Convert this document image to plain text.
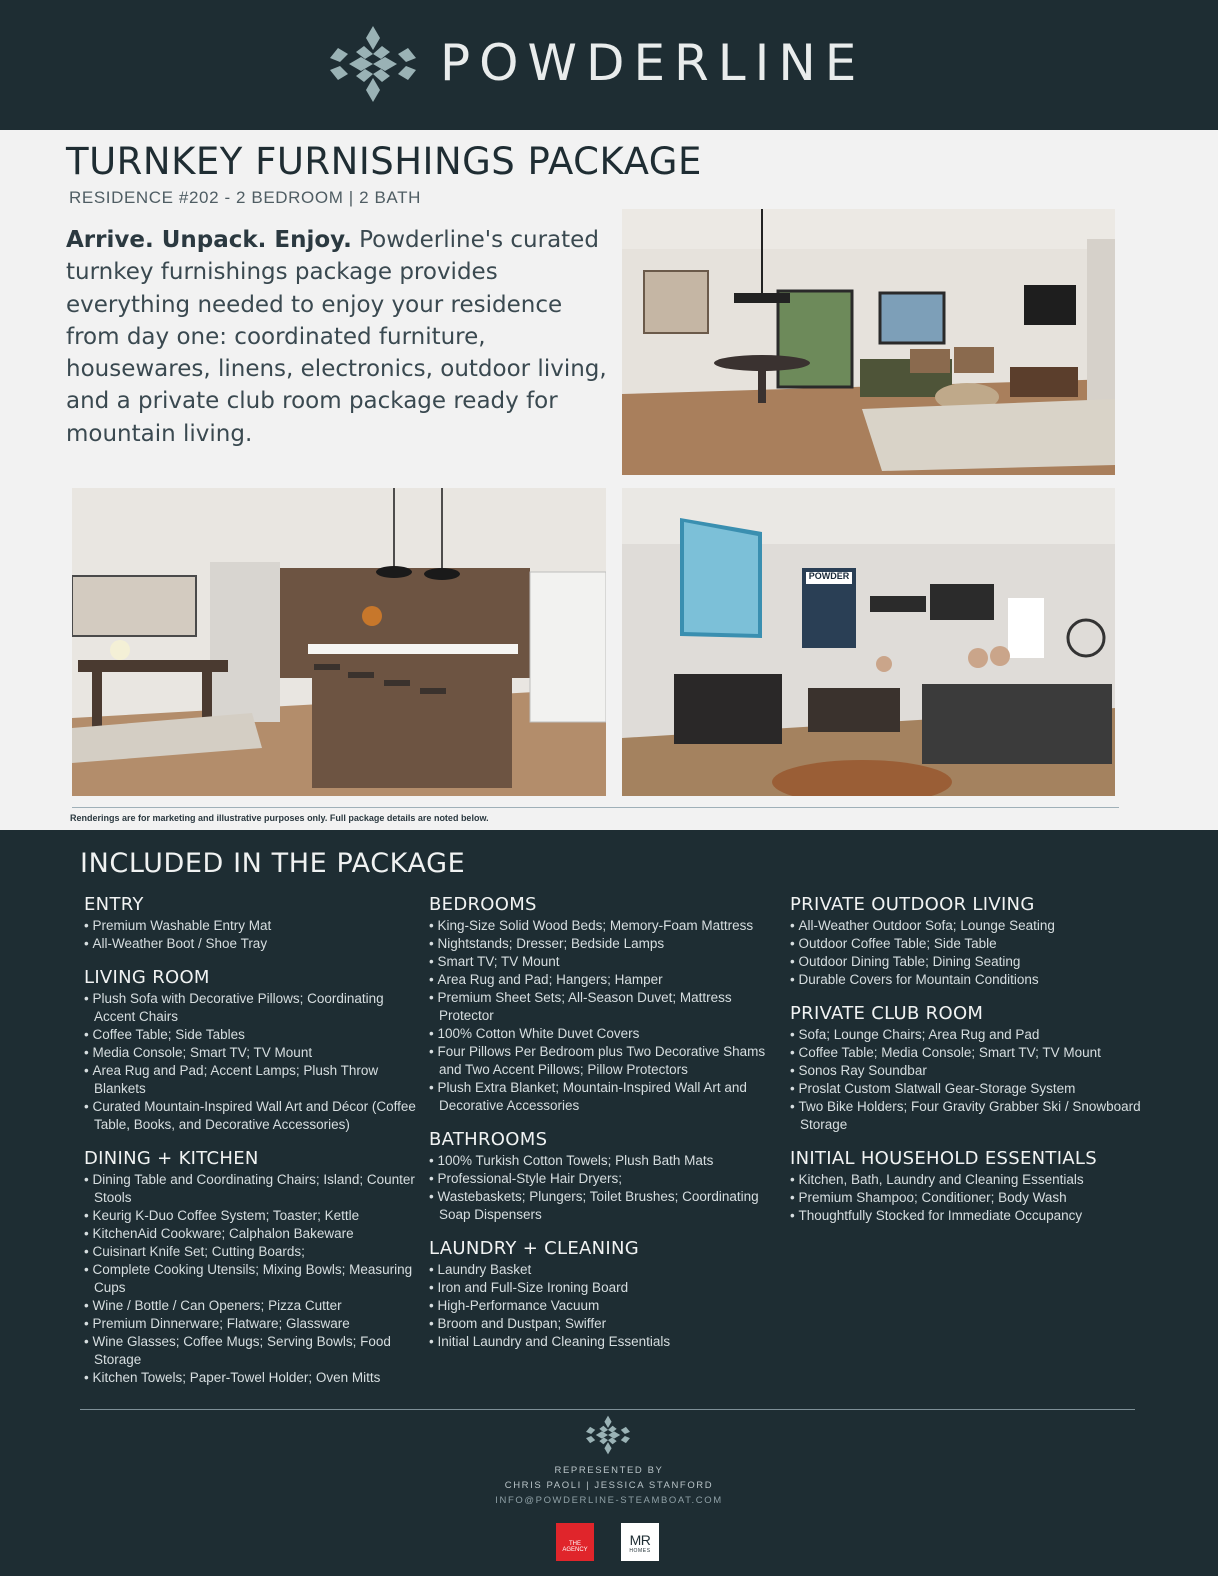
POWDERLINE
TURNKEY FURNISHINGS PACKAGE
RESIDENCE #202 - 2 BEDROOM | 2 BATH
Arrive. Unpack. Enjoy. Powderline's curated turnkey furnishings package provides everything needed to enjoy your residence from day one: coordinated furniture, housewares, linens, electronics, outdoor living, and a private club room package ready for mountain living.
POWDER
Renderings are for marketing and illustrative purposes only. Full package details are noted below.
INCLUDED IN THE PACKAGE
ENTRY
• Premium Washable Entry Mat
• All-Weather Boot / Shoe Tray
LIVING ROOM
• Plush Sofa with Decorative Pillows; Coordinating Accent Chairs
• Coffee Table; Side Tables
• Media Console; Smart TV; TV Mount
• Area Rug and Pad; Accent Lamps; Plush Throw Blankets
• Curated Mountain-Inspired Wall Art and Décor (Coffee Table, Books, and Decorative Accessories)
DINING + KITCHEN
• Dining Table and Coordinating Chairs; Island; Counter Stools
• Keurig K-Duo Coffee System; Toaster; Kettle
• KitchenAid Cookware; Calphalon Bakeware
• Cuisinart Knife Set; Cutting Boards;
• Complete Cooking Utensils; Mixing Bowls; Measuring Cups
• Wine / Bottle / Can Openers; Pizza Cutter
• Premium Dinnerware; Flatware; Glassware
• Wine Glasses; Coffee Mugs; Serving Bowls; Food Storage
• Kitchen Towels; Paper-Towel Holder; Oven Mitts
BEDROOMS
• King-Size Solid Wood Beds; Memory-Foam Mattress
• Nightstands; Dresser; Bedside Lamps
• Smart TV; TV Mount
• Area Rug and Pad; Hangers; Hamper
• Premium Sheet Sets; All-Season Duvet; Mattress Protector
• 100% Cotton White Duvet Covers
• Four Pillows Per Bedroom plus Two Decorative Shams and Two Accent Pillows; Pillow Protectors
• Plush Extra Blanket; Mountain-Inspired Wall Art and Decorative Accessories
BATHROOMS
• 100% Turkish Cotton Towels; Plush Bath Mats
• Professional-Style Hair Dryers;
• Wastebaskets; Plungers; Toilet Brushes; Coordinating Soap Dispensers
LAUNDRY + CLEANING
• Laundry Basket
• Iron and Full-Size Ironing Board
• High-Performance Vacuum
• Broom and Dustpan; Swiffer
• Initial Laundry and Cleaning Essentials
PRIVATE OUTDOOR LIVING
• All-Weather Outdoor Sofa; Lounge Seating
• Outdoor Coffee Table; Side Table
• Outdoor Dining Table; Dining Seating
• Durable Covers for Mountain Conditions
PRIVATE CLUB ROOM
• Sofa; Lounge Chairs; Area Rug and Pad
• Coffee Table; Media Console; Smart TV; TV Mount
• Sonos Ray Soundbar
• Proslat Custom Slatwall Gear-Storage System
• Two Bike Holders; Four Gravity Grabber Ski / Snowboard Storage
INITIAL HOUSEHOLD ESSENTIALS
• Kitchen, Bath, Laundry and Cleaning Essentials
• Premium Shampoo; Conditioner; Body Wash
• Thoughtfully Stocked for Immediate Occupancy
REPRESENTED BY
CHRIS PAOLI | JESSICA STANFORD
INFO@POWDERLINE-STEAMBOAT.COM
THE AGENCY
MR
HOMES
